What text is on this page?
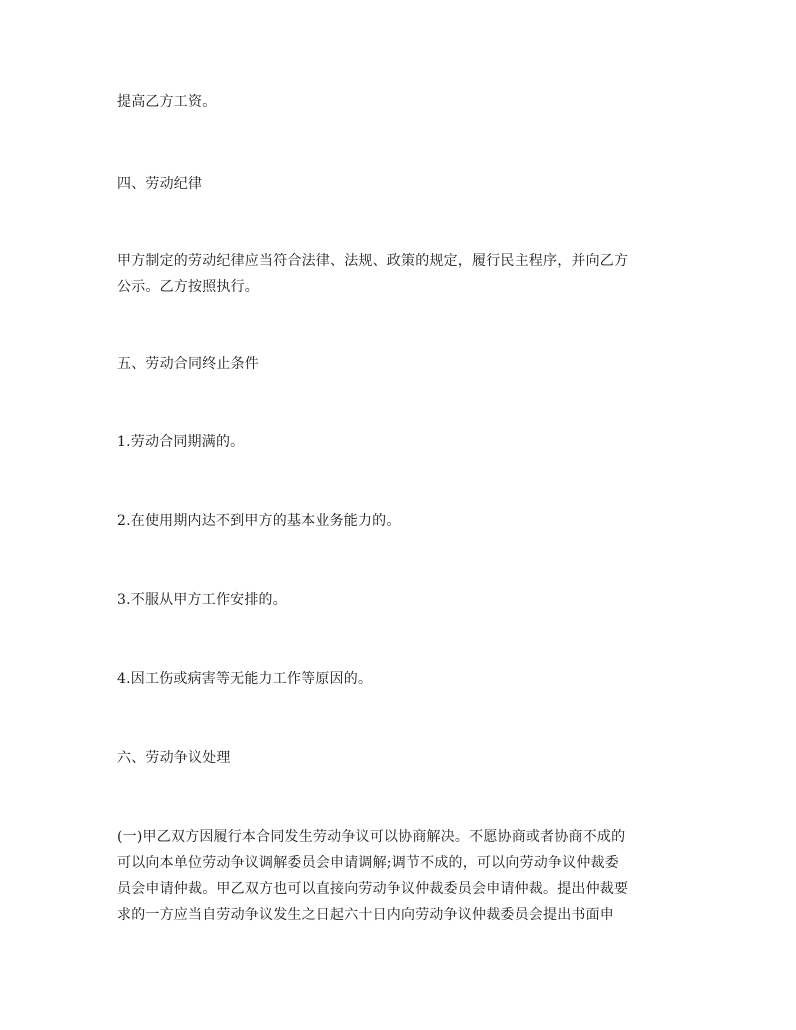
提高乙方工资。
四、劳动纪律
甲方制定的劳动纪律应当符合法律、法规、政策的规定，履行民主程序，并向乙方
公示。乙方按照执行。
五、劳动合同终止条件
1.劳动合同期满的。
2.在使用期内达不到甲方的基本业务能力的。
3.不服从甲方工作安排的。
4.因工伤或病害等无能力工作等原因的。
六、劳动争议处理
(一)甲乙双方因履行本合同发生劳动争议可以协商解决。不愿协商或者协商不成的
可以向本单位劳动争议调解委员会申请调解;调节不成的，可以向劳动争议仲裁委
员会申请仲裁。甲乙双方也可以直接向劳动争议仲裁委员会申请仲裁。提出仲裁要
求的一方应当自劳动争议发生之日起六十日内向劳动争议仲裁委员会提出书面申
